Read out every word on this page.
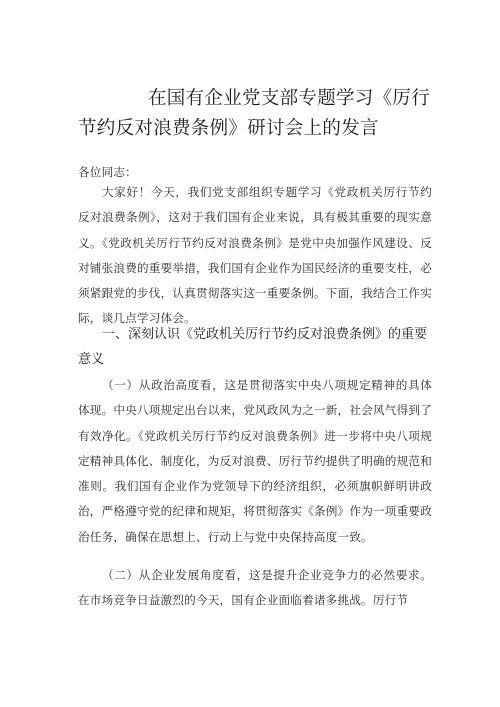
在国有企业党支部专题学习《厉行节约反对浪费条例》研讨会上的发言
各位同志：
大家好！今天，我们党支部组织专题学习《党政机关厉行节约反对浪费条例》，这对于我们国有企业来说，具有极其重要的现实意义。《党政机关厉行节约反对浪费条例》是党中央加强作风建设、反对铺张浪费的重要举措，我们国有企业作为国民经济的重要支柱，必须紧跟党的步伐，认真贯彻落实这一重要条例。下面，我结合工作实际，谈几点学习体会。
一、深刻认识《党政机关厉行节约反对浪费条例》的重要意义
（一）从政治高度看，这是贯彻落实中央八项规定精神的具体体现。中央八项规定出台以来，党风政风为之一新，社会风气得到了有效净化。《党政机关厉行节约反对浪费条例》进一步将中央八项规定精神具体化、制度化，为反对浪费、厉行节约提供了明确的规范和准则。我们国有企业作为党领导下的经济组织，必须旗帜鲜明讲政治，严格遵守党的纪律和规矩，将贯彻落实《条例》作为一项重要政治任务，确保在思想上、行动上与党中央保持高度一致。
（二）从企业发展角度看，这是提升企业竞争力的必然要求。在市场竞争日益激烈的今天，国有企业面临着诸多挑战。厉行节
